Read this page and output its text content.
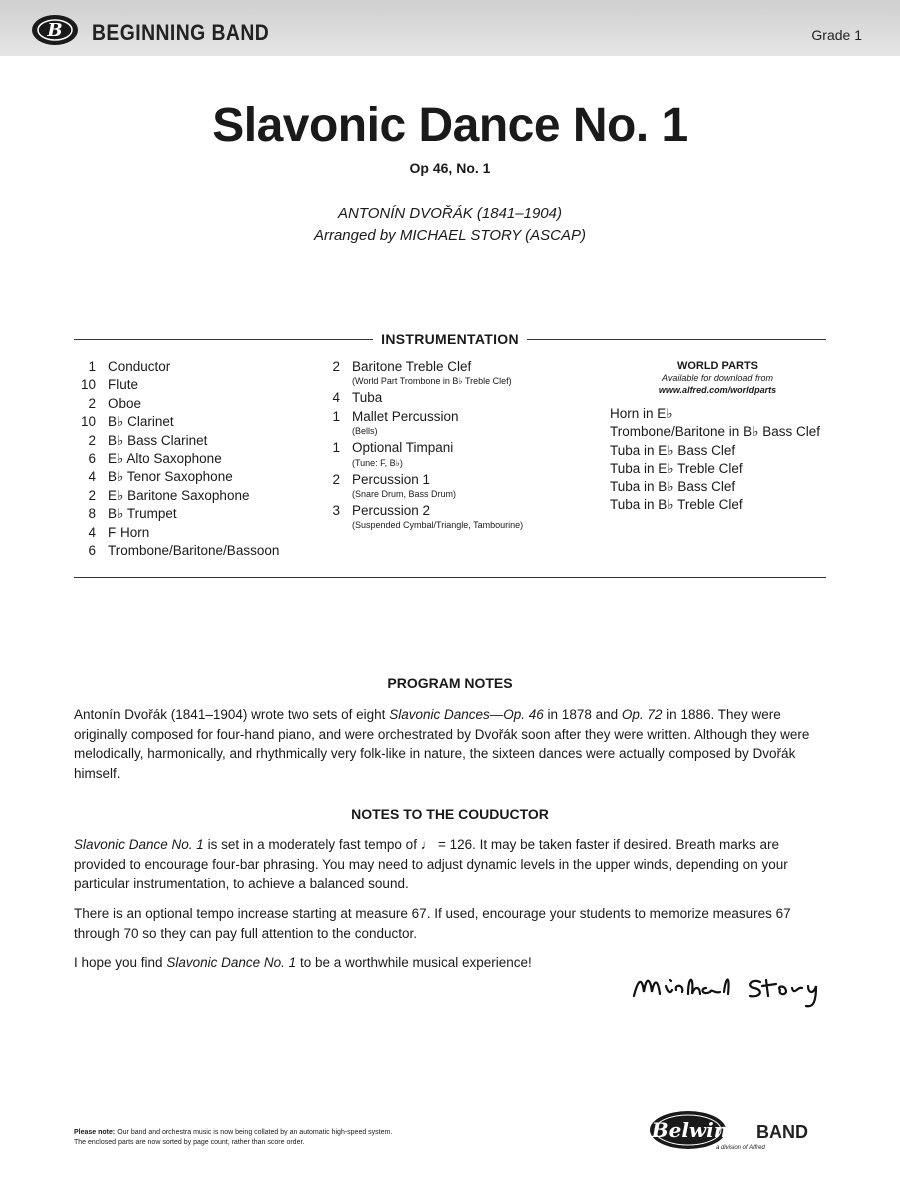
B BEGINNING BAND	Grade 1
Slavonic Dance No. 1
Op 46, No. 1
ANTONÍN DVOŘÁK (1841–1904)
Arranged by MICHAEL STORY (ASCAP)
INSTRUMENTATION
1 Conductor
10 Flute
2 Oboe
10 B♭ Clarinet
2 B♭ Bass Clarinet
6 E♭ Alto Saxophone
4 B♭ Tenor Saxophone
2 E♭ Baritone Saxophone
8 B♭ Trumpet
4 F Horn
6 Trombone/Baritone/Bassoon
2 Baritone Treble Clef
(World Part Trombone in B♭ Treble Clef)
4 Tuba
1 Mallet Percussion
(Bells)
1 Optional Timpani
(Tune: F, B♭)
2 Percussion 1
(Snare Drum, Bass Drum)
3 Percussion 2
(Suspended Cymbal/Triangle, Tambourine)
WORLD PARTS
Available for download from
www.alfred.com/worldparts
Horn in E♭
Trombone/Baritone in B♭ Bass Clef
Tuba in E♭ Bass Clef
Tuba in E♭ Treble Clef
Tuba in B♭ Bass Clef
Tuba in B♭ Treble Clef
PROGRAM NOTES
Antonín Dvořák (1841–1904) wrote two sets of eight Slavonic Dances—Op. 46 in 1878 and Op. 72 in 1886. They were originally composed for four-hand piano, and were orchestrated by Dvořák soon after they were written. Although they were melodically, harmonically, and rhythmically very folk-like in nature, the sixteen dances were actually composed by Dvořák himself.
NOTES TO THE COUDUCTOR
Slavonic Dance No. 1 is set in a moderately fast tempo of ♩ = 126. It may be taken faster if desired. Breath marks are provided to encourage four-bar phrasing. You may need to adjust dynamic levels in the upper winds, depending on your particular instrumentation, to achieve a balanced sound.
There is an optional tempo increase starting at measure 67. If used, encourage your students to memorize measures 67 through 70 so they can pay full attention to the conductor.
I hope you find Slavonic Dance No. 1 to be a worthwhile musical experience!
Please note: Our band and orchestra music is now being collated by an automatic high-speed system.
The enclosed parts are now sorted by page count, rather than score order.
Belwin BAND
a division of Alfred
